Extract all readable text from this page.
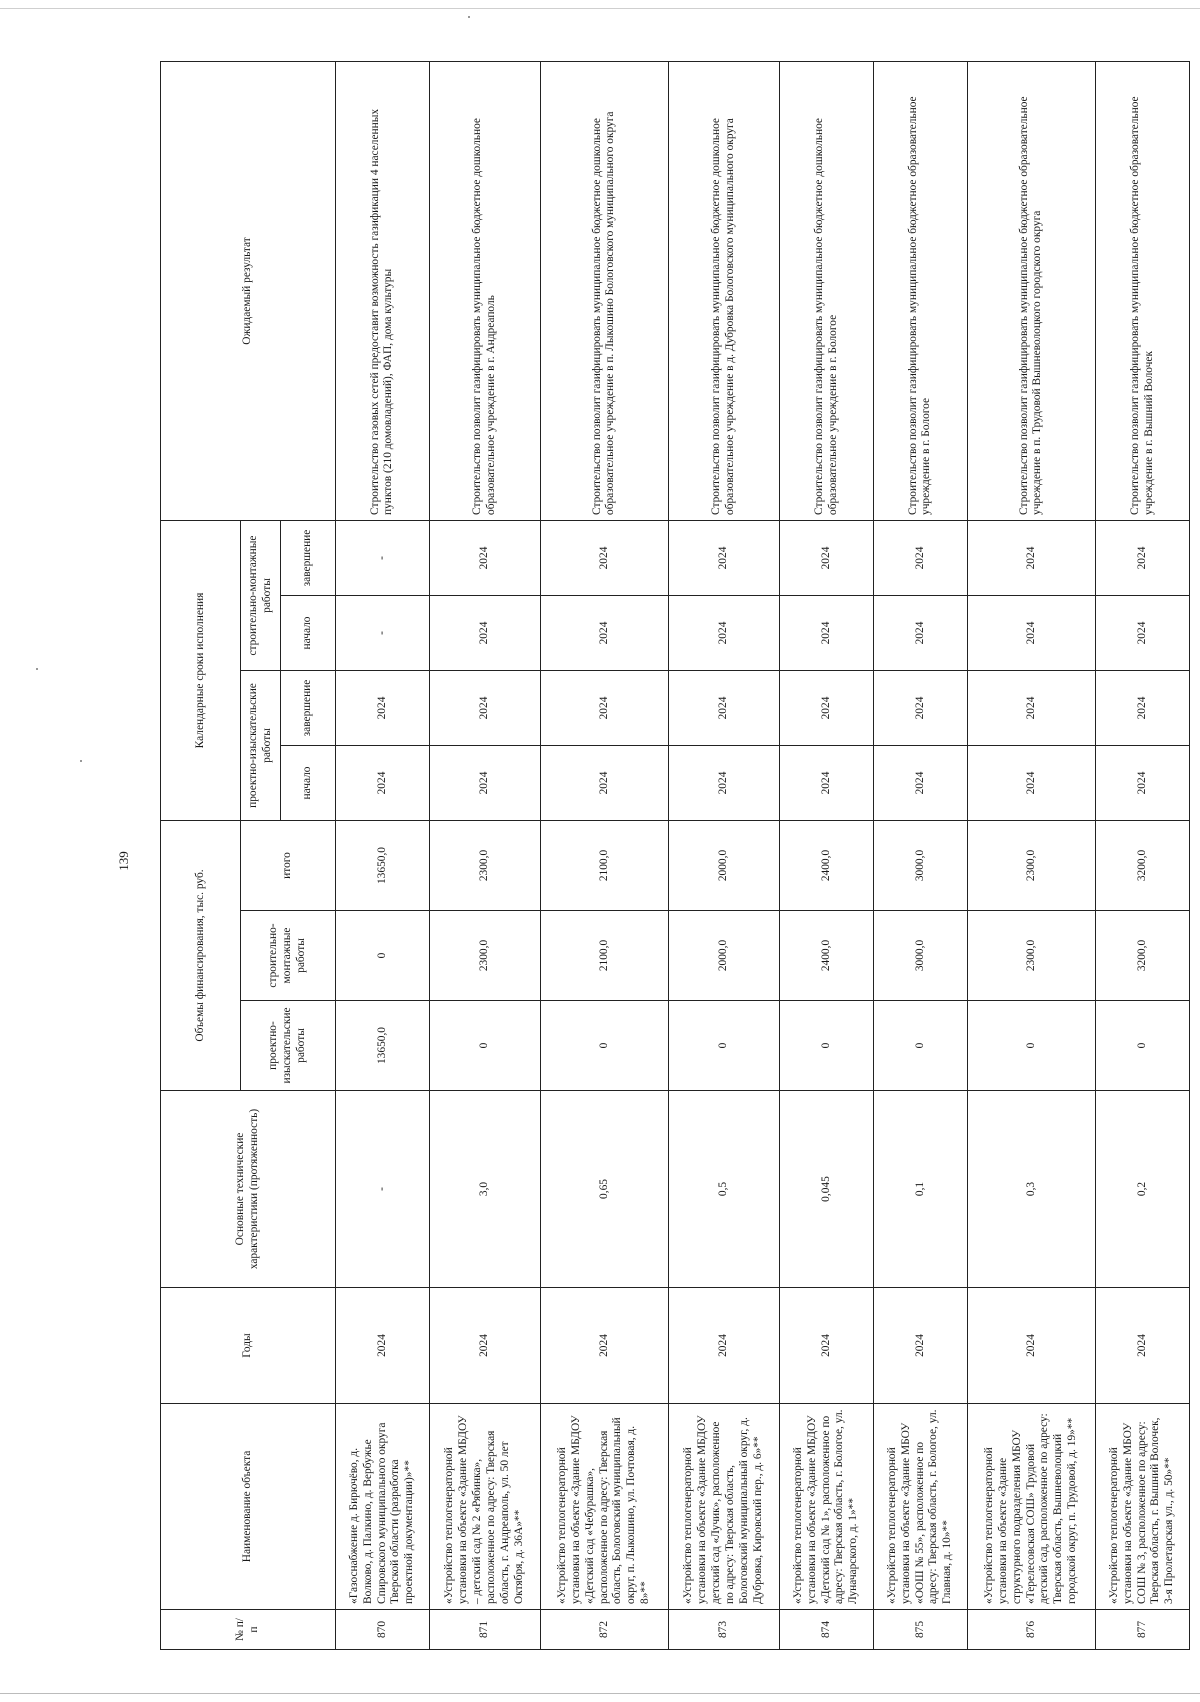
139
№ п/п	Наименование объекта	Годы	Основные технические характеристики (протяженность)	Объемы финансирования, тыс. руб.			Календарные сроки исполнения				Ожидаемый результат
				проектно-изыскательские работы	строительно-монтажные работы	итого	проектно-изыскательские работы		строительно-монтажные работы		
							начало	завершение	начало	завершение	
870	«Газоснабжение д. Бирючёво, д. Волково, д. Палкино, д. Вербужье Спировского муниципального округа Тверской области (разработка проектной документации)»**	2024	-	13650,0	0	13650,0	2024	2024	-	-	Строительство газовых сетей предоставит возможность газификации 4 населенных пунктов (210 домовладений), ФАП, дома культуры
871	«Устройство теплогенераторной установки на объекте «Здание МБДОУ – детский сад № 2 «Рябинка», расположенное по адресу: Тверская область, г. Андреаполь, ул. 50 лет Октября, д. 36А»**	2024	3,0	0	2300,0	2300,0	2024	2024	2024	2024	Строительство позволит газифицировать муниципальное бюджетное дошкольное образовательное учреждение в г. Андреаполь
872	«Устройство теплогенераторной установки на объекте «Здание МБДОУ «Детский сад «Чебурашка», расположенное по адресу: Тверская область, Бологовский муниципальный округ, п. Лыкошино, ул. Почтовая, д. 8»**	2024	0,65	0	2100,0	2100,0	2024	2024	2024	2024	Строительство позволит газифицировать муниципальное бюджетное дошкольное образовательное учреждение в п. Лыкошино Бологовского муниципального округа
873	«Устройство теплогенераторной установки на объекте «Здание МБДОУ детский сад «Лучик», расположенное по адресу: Тверская область, Бологовский муниципальный округ, д. Дубровка, Кировский пер., д. 6»**	2024	0,5	0	2000,0	2000,0	2024	2024	2024	2024	Строительство позволит газифицировать муниципальное бюджетное дошкольное образовательное учреждение в д. Дубровка Бологовского муниципального округа
874	«Устройство теплогенераторной установки на объекте «Здание МБДОУ «Детский сад № 1», расположенное по адресу: Тверская область, г. Бологое, ул. Луначарского, д. 1»**	2024	0,045	0	2400,0	2400,0	2024	2024	2024	2024	Строительство позволит газифицировать муниципальное бюджетное дошкольное образовательное учреждение в г. Бологое
875	«Устройство теплогенераторной установки на объекте «Здание МБОУ «ООШ № 55», расположенное по адресу: Тверская область, г. Бологое, ул. Главная, д. 10»**	2024	0,1	0	3000,0	3000,0	2024	2024	2024	2024	Строительство позволит газифицировать муниципальное бюджетное образовательное учреждение в г. Бологое
876	«Устройство теплогенераторной установки на объекте «Здание структурного подразделения МБОУ «Терелесовская СОШ» Трудовой детский сад, расположенное по адресу: Тверская область, Вышневолоцкий городской округ, п. Трудовой, д. 19»**	2024	0,3	0	2300,0	2300,0	2024	2024	2024	2024	Строительство позволит газифицировать муниципальное бюджетное образовательное учреждение в п. Трудовой Вышневолоцкого городского округа
877	«Устройство теплогенераторной установки на объекте «Здание МБОУ СОШ № 3, расположенное по адресу: Тверская область, г. Вышний Волочек, 3-я Пролетарская ул., д. 50»**	2024	0,2	0	3200,0	3200,0	2024	2024	2024	2024	Строительство позволит газифицировать муниципальное бюджетное образовательное учреждение в г. Вышний Волочек
